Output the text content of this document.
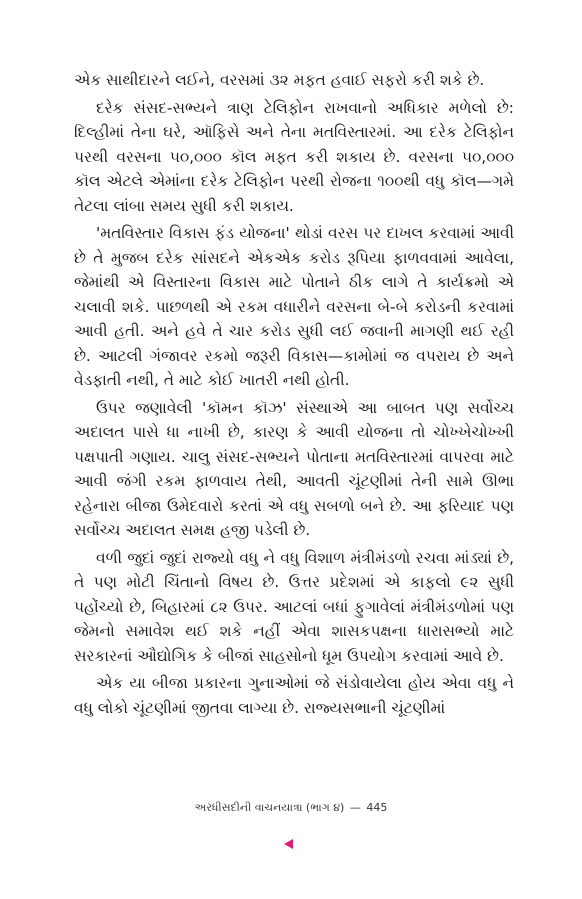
એક સાથીદારને લઈને, વરસમાં ૩૨ મફત હવાઈ સફરો કરી શકે છે.

દરેક સંસદ-સભ્યને ત્રાણ ટેલિફોન રાખવાનો અધિકાર મળેલો છે: દિલ્હીમાં તેના ઘરે, ઑફિસે અને તેના મતવિસ્તારમાં. આ દરેક ટેલિફોન પરથી વરસના ૫૦,૦૦૦ કૉલ મફત કરી શકાય છે. વરસના ૫૦,૦૦૦ કૉલ એટલે એમાંના દરેક ટેલિફોન પરથી રોજના ૧૦૦થી વધુ કૉલ—ગમે તેટલા લાંબા સમય સુધી કરી શકાય.

'મતવિસ્તાર વિકાસ ફંડ યોજના' થોડાં વરસ પર દાખલ કરવામાં આવી છે તે મુજબ દરેક સાંસદને એકએક કરોડ રૂપિયા ફાળવવામાં આવેલા, જેમાંથી એ વિસ્તારના વિકાસ માટે પોતાને ઠીક લાગે તે કાર્યક્રમો એ ચલાવી શકે. પાછળથી એ રકમ વધારીને વરસના બે-બે કરોડની કરવામાં આવી હતી. અને હવે તે ચાર કરોડ સુધી લઈ જવાની માગણી થઈ રહી છે. આટલી ગંજાવર રકમો જરૂરી વિકાસ—કામોમાં જ વપરાય છે અને વેડફાતી નથી, તે માટે કોઈ ખાતરી નથી હોતી.

ઉપર જણાવેલી 'કૉમન કૉઝ' સંસ્થાએ આ બાબત પણ સર્વોચ્ચ અદાલત પાસે ધા નાખી છે, કારણ કે આવી યોજના તો ચોખ્ખેચોખ્ખી પક્ષપાતી ગણાય. ચાલુ સંસદ-સભ્યને પોતાના મતવિસ્તારમાં વાપરવા માટે આવી જંગી રકમ ફાળવાય તેથી, આવતી ચૂંટણીમાં તેની સામે ઊભા રહેનારા બીજા ઉમેદવારો કરતાં એ વધુ સબળો બને છે. આ ફરિયાદ પણ સર્વોચ્ચ અદાલત સમક્ષ હજી પડેલી છે.

વળી જુદાં જુદાં રાજ્યો વધુ ને વધુ વિશાળ મંત્રીમંડળો રચવા માંડ્યાં છે, તે પણ મોટી ચિંતાનો વિષય છે. ઉત્તર પ્રદેશમાં એ કાફલો ૯૨ સુધી પહોંચ્યો છે, બિહારમાં ૮૨ ઉપર. આટલાં બધાં ફુગાવેલાં મંત્રીમંડળોમાં પણ જેમનો સમાવેશ થઈ શકે નહીં એવા શાસકપક્ષના ધારાસભ્યો માટે સરકારનાં ઔદ્યોગિક કે બીજાં સાહસોનો ધૂમ ઉપયોગ કરવામાં આવે છે.

એક યા બીજા પ્રકારના ગુનાઓમાં જે સંડોવાયેલા હોય એવા વધુ ને વધુ લોકો ચૂંટણીમાં જીતવા લાગ્યા છે. રાજ્યસભાની ચૂંટણીમાં

અરધીસદીની વાચનયાત્રા (ભાગ ૪) — 445
